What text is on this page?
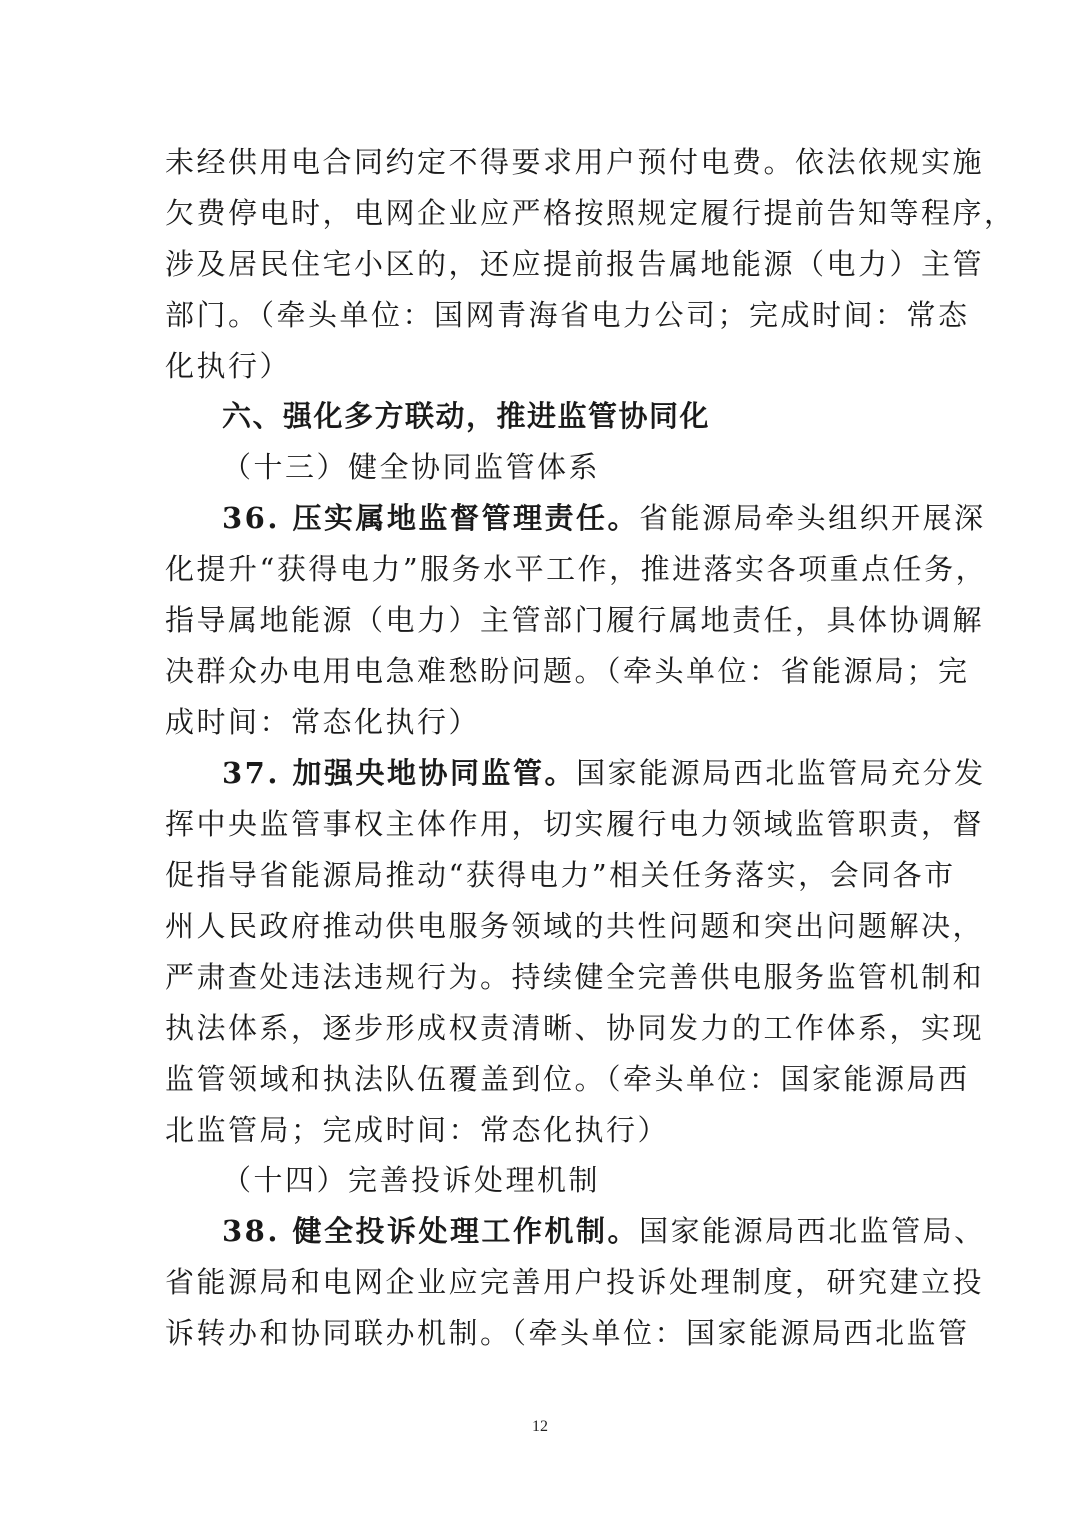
未经供用电合同约定不得要求用户预付电费。依法依规实施
欠费停电时，电网企业应严格按照规定履行提前告知等程序，
涉及居民住宅小区的，还应提前报告属地能源（电力）主管
部门。（牵头单位：国网青海省电力公司；完成时间：常态
化执行）
六、强化多方联动，推进监管协同化
（十三）健全协同监管体系
36. 压实属地监督管理责任。省能源局牵头组织开展深
化提升“获得电力”服务水平工作，推进落实各项重点任务，
指导属地能源（电力）主管部门履行属地责任，具体协调解
决群众办电用电急难愁盼问题。（牵头单位：省能源局；完
成时间：常态化执行）
37. 加强央地协同监管。国家能源局西北监管局充分发
挥中央监管事权主体作用，切实履行电力领域监管职责，督
促指导省能源局推动“获得电力”相关任务落实，会同各市
州人民政府推动供电服务领域的共性问题和突出问题解决，
严肃查处违法违规行为。持续健全完善供电服务监管机制和
执法体系，逐步形成权责清晰、协同发力的工作体系，实现
监管领域和执法队伍覆盖到位。（牵头单位：国家能源局西
北监管局；完成时间：常态化执行）
（十四）完善投诉处理机制
38. 健全投诉处理工作机制。国家能源局西北监管局、
省能源局和电网企业应完善用户投诉处理制度，研究建立投
诉转办和协同联办机制。（牵头单位：国家能源局西北监管
12
